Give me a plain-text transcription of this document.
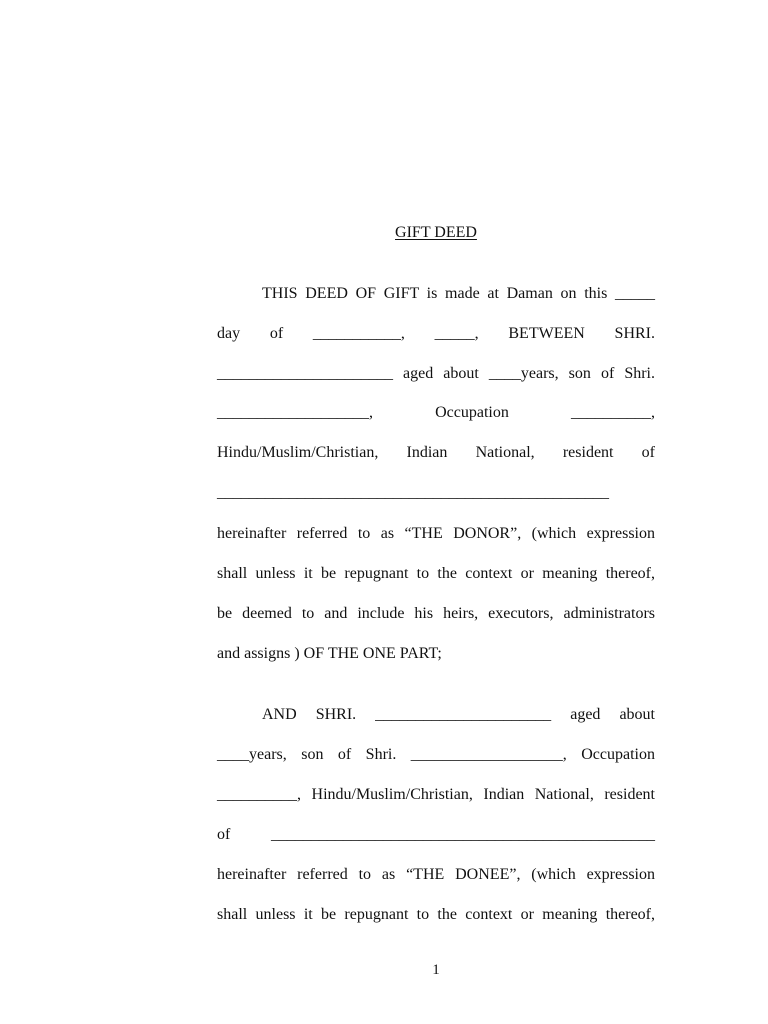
GIFT DEED
THIS DEED OF GIFT is made at Daman on this _____
day of ___________, _____, BETWEEN SHRI.
______________________ aged about ____years, son of Shri.
___________________, Occupation __________,
Hindu/Muslim/Christian, Indian National, resident of
_________________________________________________
hereinafter referred to as “THE DONOR”, (which expression
shall unless it be repugnant to the context or meaning thereof,
be deemed to and include his heirs, executors, administrators
and assigns ) OF THE ONE PART;
AND SHRI. ______________________ aged about
____years, son of Shri. ___________________, Occupation
__________, Hindu/Muslim/Christian, Indian National, resident
of ________________________________________________
hereinafter referred to as “THE DONEE”, (which expression
shall unless it be repugnant to the context or meaning thereof,
1
